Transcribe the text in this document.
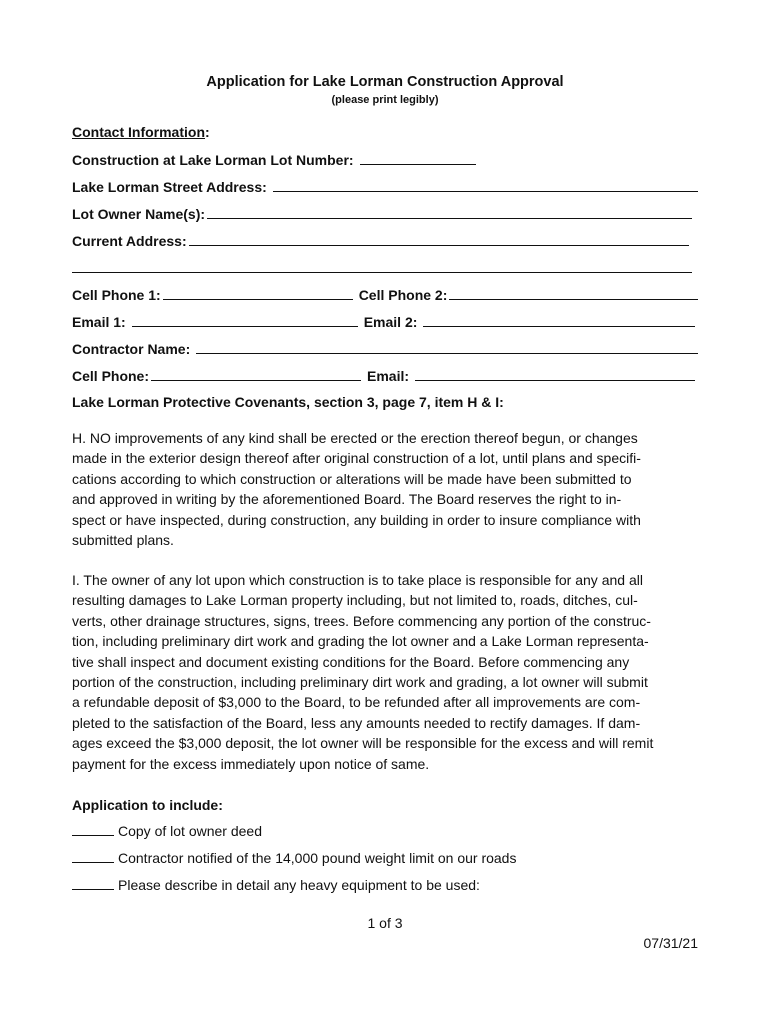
Application for Lake Lorman Construction Approval
(please print legibly)
Contact Information:
Construction at Lake Lorman Lot Number:
Lake Lorman Street Address:
Lot Owner Name(s):
Current Address:
Cell Phone 1:	Cell Phone 2:
Email 1:	Email 2:
Contractor Name:
Cell Phone:	Email:
Lake Lorman Protective Covenants, section 3, page 7, item H & I:
H. NO improvements of any kind shall be erected or the erection thereof begun, or changes
made in the exterior design thereof after original construction of a lot, until plans and specifi-
cations according to which construction or alterations will be made have been submitted to
and approved in writing by the aforementioned Board. The Board reserves the right to in-
spect or have inspected, during construction, any building in order to insure compliance with
submitted plans.
I. The owner of any lot upon which construction is to take place is responsible for any and all
resulting damages to Lake Lorman property including, but not limited to, roads, ditches, cul-
verts, other drainage structures, signs, trees. Before commencing any portion of the construc-
tion, including preliminary dirt work and grading the lot owner and a Lake Lorman representa-
tive shall inspect and document existing conditions for the Board. Before commencing any
portion of the construction, including preliminary dirt work and grading, a lot owner will submit
a refundable deposit of $3,000 to the Board, to be refunded after all improvements are com-
pleted to the satisfaction of the Board, less any amounts needed to rectify damages. If dam-
ages exceed the $3,000 deposit, the lot owner will be responsible for the excess and will remit
payment for the excess immediately upon notice of same.
Application to include:
Copy of lot owner deed
Contractor notified of the 14,000 pound weight limit on our roads
Please describe in detail any heavy equipment to be used:
1 of 3
07/31/21
